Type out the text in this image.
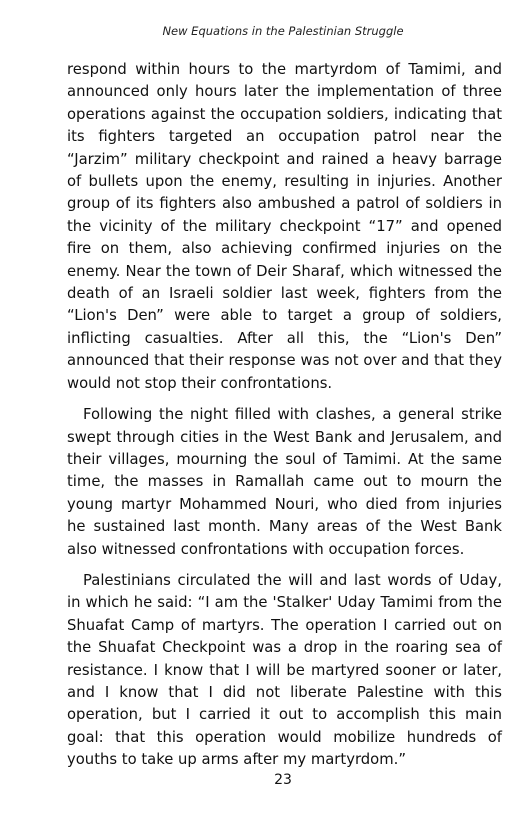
New Equations in the Palestinian Struggle

respond within hours to the martyrdom of Tamimi, and announced only hours later the implementation of three operations against the occupation soldiers, indicating that its fighters targeted an occupation patrol near the “Jarzim” military checkpoint and rained a heavy barrage of bullets upon the enemy, resulting in injuries. Another group of its fighters also ambushed a patrol of soldiers in the vicinity of the military checkpoint “17” and opened fire on them, also achieving confirmed injuries on the enemy. Near the town of Deir Sharaf, which witnessed the death of an Israeli soldier last week, fighters from the “Lion's Den” were able to target a group of soldiers, inflicting casualties. After all this, the “Lion's Den” announced that their response was not over and that they would not stop their confrontations.

Following the night filled with clashes, a general strike swept through cities in the West Bank and Jerusalem, and their villages, mourning the soul of Tamimi. At the same time, the masses in Ramallah came out to mourn the young martyr Mohammed Nouri, who died from injuries he sustained last month. Many areas of the West Bank also witnessed confrontations with occupation forces.

Palestinians circulated the will and last words of Uday, in which he said: “I am the 'Stalker' Uday Tamimi from the Shuafat Camp of martyrs. The operation I carried out on the Shuafat Checkpoint was a drop in the roaring sea of resistance. I know that I will be martyred sooner or later, and I know that I did not liberate Palestine with this operation, but I carried it out to accomplish this main goal: that this operation would mobilize hundreds of youths to take up arms after my martyrdom.”

23
